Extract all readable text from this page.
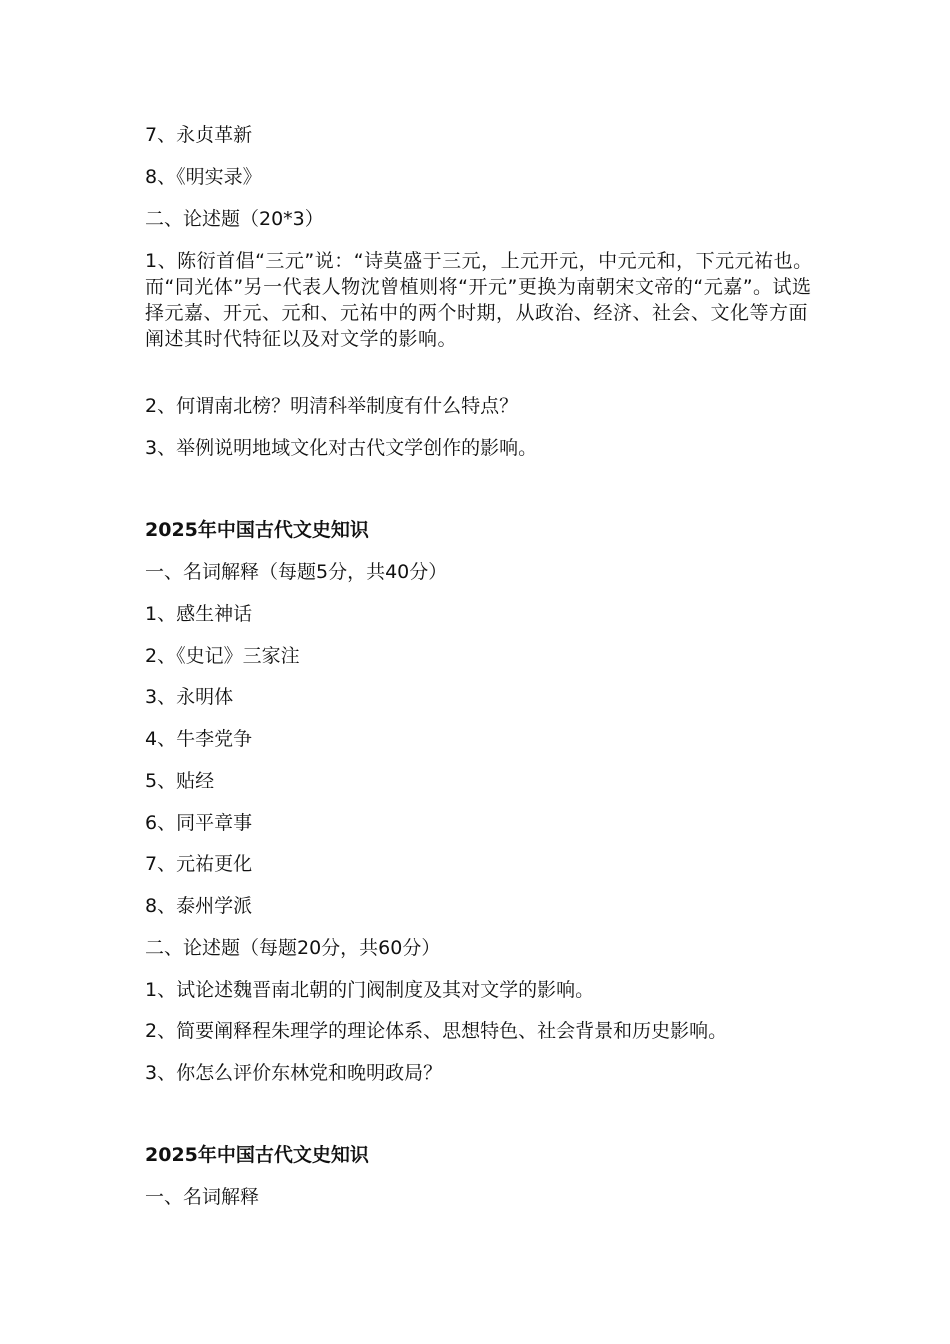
7、永贞革新
8、《明实录》
二、论述题（20*3）
1、陈衍首倡“三元”说：“诗莫盛于三元，上元开元，中元元和，下元元祐也。而“同光体”另一代表人物沈曾植则将“开元”更换为南朝宋文帝的“元嘉”。试选择元嘉、开元、元和、元祐中的两个时期，从政治、经济、社会、文化等方面阐述其时代特征以及对文学的影响。
2、何谓南北榜？明清科举制度有什么特点？
3、举例说明地域文化对古代文学创作的影响。
2025年中国古代文史知识
一、名词解释（每题5分，共40分）
1、感生神话
2、《史记》三家注
3、永明体
4、牛李党争
5、贴经
6、同平章事
7、元祐更化
8、泰州学派
二、论述题（每题20分，共60分）
1、试论述魏晋南北朝的门阀制度及其对文学的影响。
2、简要阐释程朱理学的理论体系、思想特色、社会背景和历史影响。
3、你怎么评价东林党和晚明政局？
2025年中国古代文史知识
一、名词解释
